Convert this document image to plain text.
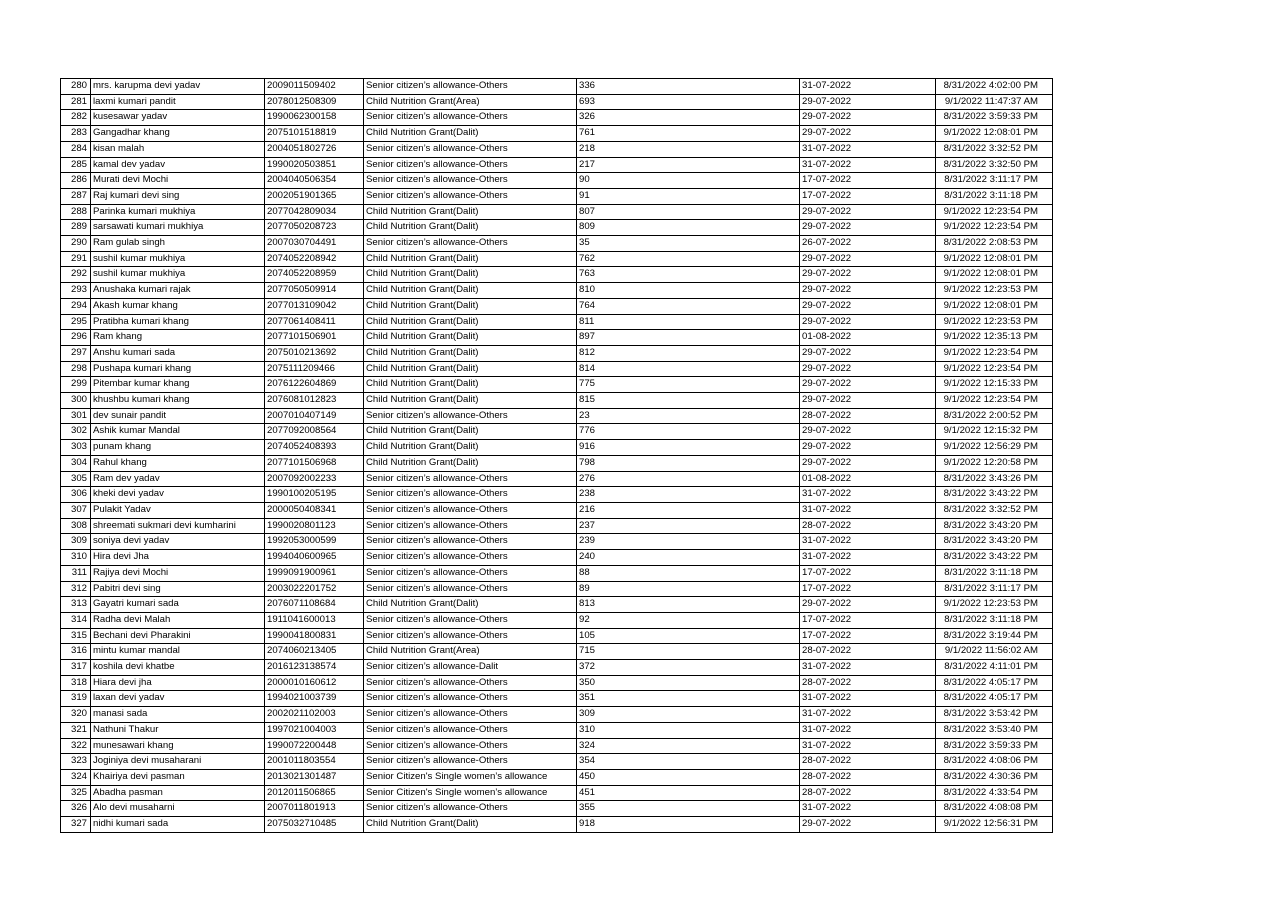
280	mrs. karupma devi yadav	2009011509402	Senior citizen’s allowance-Others	336	31-07-2022	8/31/2022 4:02:00 PM
281	laxmi kumari pandit	2078012508309	Child Nutrition Grant(Area)	693	29-07-2022	9/1/2022 11:47:37 AM
282	kusesawar yadav	1990062300158	Senior citizen’s allowance-Others	326	29-07-2022	8/31/2022 3:59:33 PM
283	Gangadhar khang	2075101518819	Child Nutrition Grant(Dalit)	761	29-07-2022	9/1/2022 12:08:01 PM
284	kisan malah	2004051802726	Senior citizen’s allowance-Others	218	31-07-2022	8/31/2022 3:32:52 PM
285	kamal dev yadav	1990020503851	Senior citizen’s allowance-Others	217	31-07-2022	8/31/2022 3:32:50 PM
286	Murati devi Mochi	2004040506354	Senior citizen’s allowance-Others	90	17-07-2022	8/31/2022 3:11:17 PM
287	Raj kumari devi sing	2002051901365	Senior citizen’s allowance-Others	91	17-07-2022	8/31/2022 3:11:18 PM
288	Parinka kumari mukhiya	2077042809034	Child Nutrition Grant(Dalit)	807	29-07-2022	9/1/2022 12:23:54 PM
289	sarsawati kumari mukhiya	2077050208723	Child Nutrition Grant(Dalit)	809	29-07-2022	9/1/2022 12:23:54 PM
290	Ram gulab singh	2007030704491	Senior citizen’s allowance-Others	35	26-07-2022	8/31/2022 2:08:53 PM
291	sushil kumar mukhiya	2074052208942	Child Nutrition Grant(Dalit)	762	29-07-2022	9/1/2022 12:08:01 PM
292	sushil kumar mukhiya	2074052208959	Child Nutrition Grant(Dalit)	763	29-07-2022	9/1/2022 12:08:01 PM
293	Anushaka kumari rajak	2077050509914	Child Nutrition Grant(Dalit)	810	29-07-2022	9/1/2022 12:23:53 PM
294	Akash kumar khang	2077013109042	Child Nutrition Grant(Dalit)	764	29-07-2022	9/1/2022 12:08:01 PM
295	Pratibha kumari khang	2077061408411	Child Nutrition Grant(Dalit)	811	29-07-2022	9/1/2022 12:23:53 PM
296	Ram khang	2077101506901	Child Nutrition Grant(Dalit)	897	01-08-2022	9/1/2022 12:35:13 PM
297	Anshu kumari sada	2075010213692	Child Nutrition Grant(Dalit)	812	29-07-2022	9/1/2022 12:23:54 PM
298	Pushapa kumari khang	2075111209466	Child Nutrition Grant(Dalit)	814	29-07-2022	9/1/2022 12:23:54 PM
299	Pitembar kumar khang	2076122604869	Child Nutrition Grant(Dalit)	775	29-07-2022	9/1/2022 12:15:33 PM
300	khushbu kumari khang	2076081012823	Child Nutrition Grant(Dalit)	815	29-07-2022	9/1/2022 12:23:54 PM
301	dev sunair pandit	2007010407149	Senior citizen’s allowance-Others	23	28-07-2022	8/31/2022 2:00:52 PM
302	Ashik kumar Mandal	2077092008564	Child Nutrition Grant(Dalit)	776	29-07-2022	9/1/2022 12:15:32 PM
303	punam khang	2074052408393	Child Nutrition Grant(Dalit)	916	29-07-2022	9/1/2022 12:56:29 PM
304	Rahul khang	2077101506968	Child Nutrition Grant(Dalit)	798	29-07-2022	9/1/2022 12:20:58 PM
305	Ram dev yadav	2007092002233	Senior citizen’s allowance-Others	276	01-08-2022	8/31/2022 3:43:26 PM
306	kheki devi yadav	1990100205195	Senior citizen’s allowance-Others	238	31-07-2022	8/31/2022 3:43:22 PM
307	Pulakit Yadav	2000050408341	Senior citizen’s allowance-Others	216	31-07-2022	8/31/2022 3:32:52 PM
308	shreemati sukmari devi kumharini	1990020801123	Senior citizen’s allowance-Others	237	28-07-2022	8/31/2022 3:43:20 PM
309	soniya devi yadav	1992053000599	Senior citizen’s allowance-Others	239	31-07-2022	8/31/2022 3:43:20 PM
310	Hira devi Jha	1994040600965	Senior citizen’s allowance-Others	240	31-07-2022	8/31/2022 3:43:22 PM
311	Rajiya devi Mochi	1999091900961	Senior citizen’s allowance-Others	88	17-07-2022	8/31/2022 3:11:18 PM
312	Pabitri devi sing	2003022201752	Senior citizen’s allowance-Others	89	17-07-2022	8/31/2022 3:11:17 PM
313	Gayatri kumari sada	2076071108684	Child Nutrition Grant(Dalit)	813	29-07-2022	9/1/2022 12:23:53 PM
314	Radha devi Malah	1911041600013	Senior citizen’s allowance-Others	92	17-07-2022	8/31/2022 3:11:18 PM
315	Bechani devi Pharakini	1990041800831	Senior citizen’s allowance-Others	105	17-07-2022	8/31/2022 3:19:44 PM
316	mintu kumar mandal	2074060213405	Child Nutrition Grant(Area)	715	28-07-2022	9/1/2022 11:56:02 AM
317	koshila devi khatbe	2016123138574	Senior citizen’s allowance-Dalit	372	31-07-2022	8/31/2022 4:11:01 PM
318	Hiara devi jha	2000010160612	Senior citizen’s allowance-Others	350	28-07-2022	8/31/2022 4:05:17 PM
319	laxan devi yadav	1994021003739	Senior citizen’s allowance-Others	351	31-07-2022	8/31/2022 4:05:17 PM
320	manasi sada	2002021102003	Senior citizen’s allowance-Others	309	31-07-2022	8/31/2022 3:53:42 PM
321	Nathuni Thakur	1997021004003	Senior citizen’s allowance-Others	310	31-07-2022	8/31/2022 3:53:40 PM
322	munesawari khang	1990072200448	Senior citizen’s allowance-Others	324	31-07-2022	8/31/2022 3:59:33 PM
323	Joginiya devi musaharani	2001011803554	Senior citizen’s allowance-Others	354	28-07-2022	8/31/2022 4:08:06 PM
324	Khairiya devi pasman	2013021301487	Senior Citizen's Single women’s allowance	450	28-07-2022	8/31/2022 4:30:36 PM
325	Abadha pasman	2012011506865	Senior Citizen's Single women’s allowance	451	28-07-2022	8/31/2022 4:33:54 PM
326	Alo devi musaharni	2007011801913	Senior citizen’s allowance-Others	355	31-07-2022	8/31/2022 4:08:08 PM
327	nidhi kumari sada	2075032710485	Child Nutrition Grant(Dalit)	918	29-07-2022	9/1/2022 12:56:31 PM
